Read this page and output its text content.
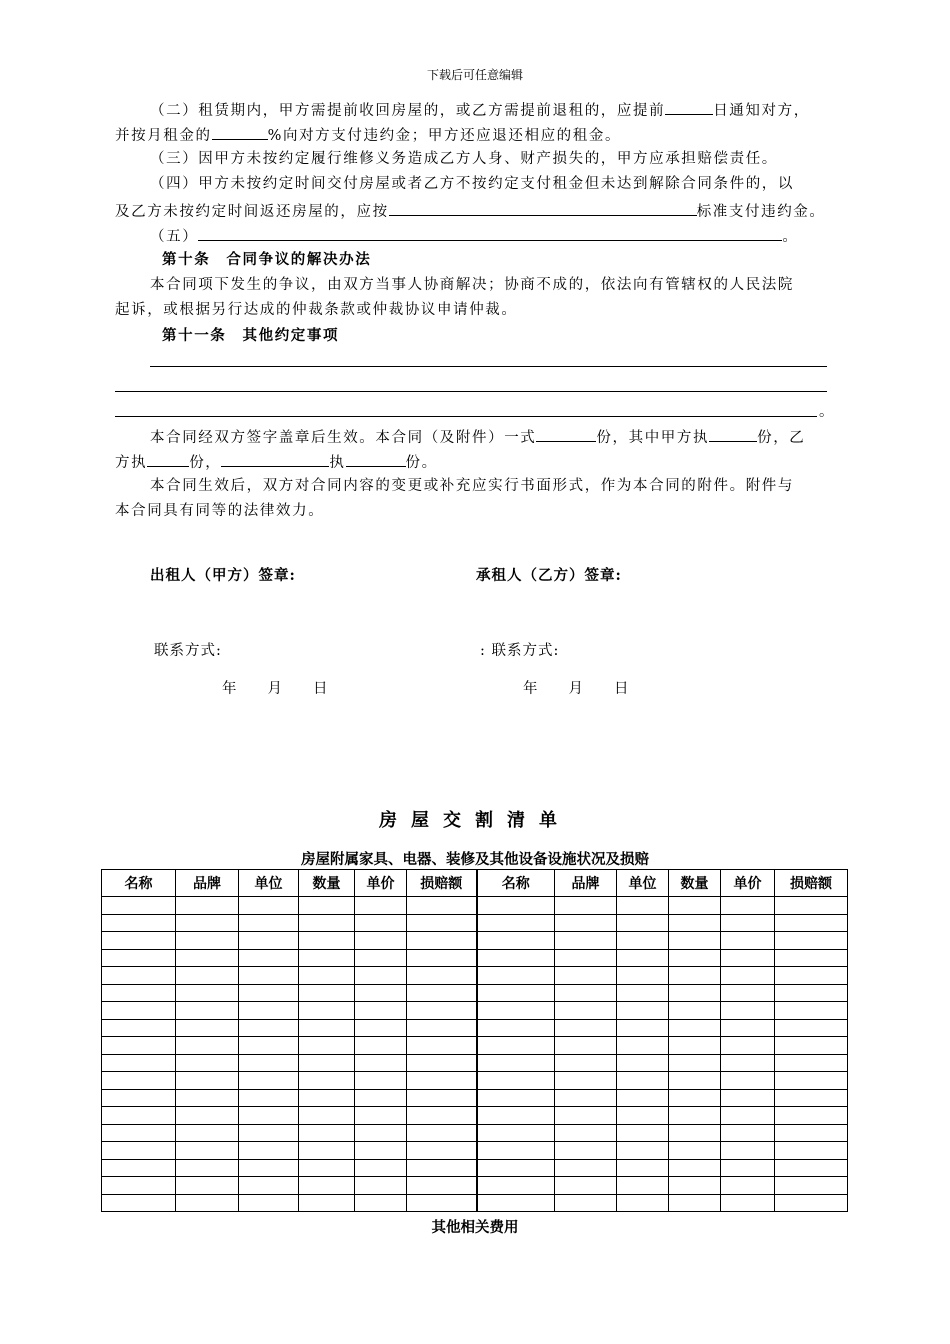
下载后可任意编辑
（二）租赁期内，甲方需提前收回房屋的，或乙方需提前退租的，应提前	日通知对方，
并按月租金的	%向对方支付违约金；甲方还应退还相应的租金。
（三）因甲方未按约定履行维修义务造成乙方人身、财产损失的，甲方应承担赔偿责任。
（四）甲方未按约定时间交付房屋或者乙方不按约定支付租金但未达到解除合同条件的，以
及乙方未按约定时间返还房屋的，应按	标准支付违约金。
（五）	。
第十条　合同争议的解决办法
本合同项下发生的争议，由双方当事人协商解决；协商不成的，依法向有管辖权的人民法院
起诉，或根据另行达成的仲裁条款或仲裁协议申请仲裁。
第十一条　其他约定事项
。
本合同经双方签字盖章后生效。本合同（及附件）一式	份，其中甲方执	份，乙
方执	份，	执	份。
本合同生效后，双方对合同内容的变更或补充应实行书面形式，作为本合同的附件。附件与
本合同具有同等的法律效力。
出租人（甲方）签章:	承租人（乙方）签章:
联系方式:	: 联系方式:
年 月 日	年 月 日
房屋交割清单
房屋附属家具、电器、装修及其他设备设施状况及损赔
名称	品牌	单位	数量	单价	损赔额	名称	品牌	单位	数量	单价	损赔额

其他相关费用
